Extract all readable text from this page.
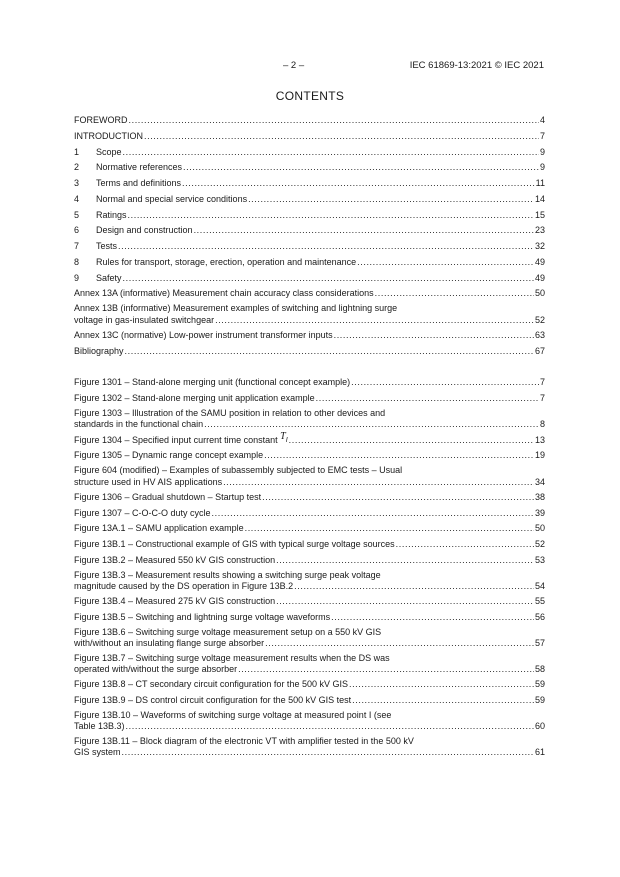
– 2 –	IEC 61869-13:2021 © IEC 2021
CONTENTS
FOREWORD .....	4
INTRODUCTION .....	7
1	Scope .....	9
2	Normative references .....	9
3	Terms and definitions .....	11
4	Normal and special service conditions .....	14
5	Ratings .....	15
6	Design and construction .....	23
7	Tests .....	32
8	Rules for transport, storage, erection, operation and maintenance .....	49
9	Safety .....	49
Annex 13A (informative) Measurement chain accuracy class considerations .....	50
Annex 13B (informative) Measurement examples of switching and lightning surge
voltage in gas-insulated switchgear .....	52
Annex 13C (normative) Low-power instrument transformer inputs .....	63
Bibliography .....	67
Figure 1301 – Stand-alone merging unit (functional concept example) .....	7
Figure 1302 – Stand-alone merging unit application example .....	7
Figure 1303 – Illustration of the SAMU position in relation to other devices and
standards in the functional chain .....	8
Figure 1304 – Specified input current time constant $T_I$ .....	13
Figure 1305 – Dynamic range concept example .....	19
Figure 604 (modified) – Examples of subassembly subjected to EMC tests – Usual
structure used in HV AIS applications .....	34
Figure 1306 – Gradual shutdown – Startup test .....	38
Figure 1307 – C-O-C-O duty cycle .....	39
Figure 13A.1 – SAMU application example .....	50
Figure 13B.1 – Constructional example of GIS with typical surge voltage sources .....	52
Figure 13B.2 – Measured 550 kV GIS construction .....	53
Figure 13B.3 – Measurement results showing a switching surge peak voltage
magnitude caused by the DS operation in Figure 13B.2 .....	54
Figure 13B.4 – Measured 275 kV GIS construction .....	55
Figure 13B.5 – Switching and lightning surge voltage waveforms .....	56
Figure 13B.6 – Switching surge voltage measurement setup on a 550 kV GIS
with/without an insulating flange surge absorber .....	57
Figure 13B.7 – Switching surge voltage measurement results when the DS was
operated with/without the surge absorber .....	58
Figure 13B.8 – CT secondary circuit configuration for the 500 kV GIS .....	59
Figure 13B.9 – DS control circuit configuration for the 500 kV GIS test .....	59
Figure 13B.10 – Waveforms of switching surge voltage at measured point I (see
Table 13B.3) .....	60
Figure 13B.11 – Block diagram of the electronic VT with amplifier tested in the 500 kV
GIS system .....	61
